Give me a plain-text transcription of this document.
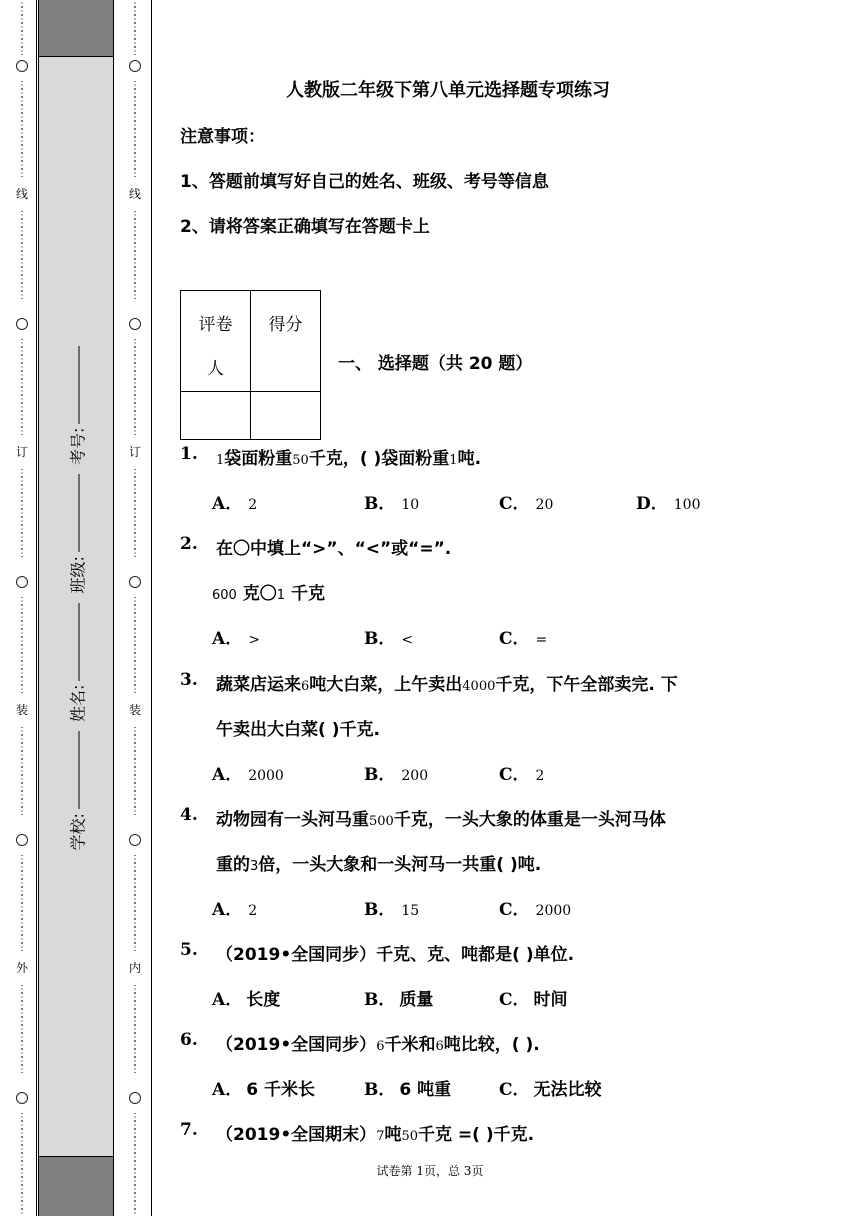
⋮
⋮
⋮
⋮
⋮
⋮
⋮
⋮
⋮
⋮
⋮
⋮
⋮
⋮
⋮
⋮
⋮
⋮
⋮
线
⋮
⋮
⋮
⋮
⋮
⋮
⋮
⋮
⋮
⋮
⋮
⋮
⋮
⋮
⋮
⋮
⋮
⋮
⋮
⋮
⋮
⋮
⋮
订
⋮
⋮
⋮
⋮
⋮
⋮
⋮
⋮
⋮
⋮
⋮
⋮
⋮
⋮
⋮
⋮
⋮
⋮
⋮
⋮
⋮
⋮
⋮
装
⋮
⋮
⋮
⋮
⋮
⋮
⋮
⋮
⋮
⋮
⋮
⋮
⋮
⋮
⋮
⋮
⋮
⋮
⋮
⋮
⋮
⋮
⋮
外
⋮
⋮
⋮
⋮
⋮
⋮
⋮
⋮
⋮
⋮
⋮
⋮
⋮
⋮
⋮
⋮
⋮
⋮
⋮
⋮
⋮
⋮
⋮
⋮
学校: 姓名: 班级: 考号:
⋮
⋮
⋮
⋮
⋮
⋮
⋮
⋮
⋮
⋮
⋮
⋮
⋮
⋮
⋮
⋮
⋮
⋮
⋮
线
⋮
⋮
⋮
⋮
⋮
⋮
⋮
⋮
⋮
⋮
⋮
⋮
⋮
⋮
⋮
⋮
⋮
⋮
⋮
⋮
⋮
⋮
⋮
订
⋮
⋮
⋮
⋮
⋮
⋮
⋮
⋮
⋮
⋮
⋮
⋮
⋮
⋮
⋮
⋮
⋮
⋮
⋮
⋮
⋮
⋮
⋮
装
⋮
⋮
⋮
⋮
⋮
⋮
⋮
⋮
⋮
⋮
⋮
⋮
⋮
⋮
⋮
⋮
⋮
⋮
⋮
⋮
⋮
⋮
⋮
内
⋮
⋮
⋮
⋮
⋮
⋮
⋮
⋮
⋮
⋮
⋮
⋮
⋮
⋮
⋮
⋮
⋮
⋮
⋮
⋮
⋮
⋮
⋮
⋮
人教版二年级下第八单元选择题专项练习
注意事项：
1、答题前填写好自己的姓名、班级、考号等信息
2、请将答案正确填写在答题卡上
评卷
人	得分

一、 选择题（共 20 题）
1. 1袋面粉重50千克，( )袋面粉重1吨.
A． 2	B． 10	C． 20	D． 100
2. 在〇中填上“>”、“<”或“=”.
600 克〇1 千克
A． >	B． <	C． =
3. 蔬菜店运来6吨大白菜，上午卖出4000千克，下午全部卖完. 下
午卖出大白菜( )千克.
A． 2000	B． 200	C． 2
4. 动物园有一头河马重500千克，一头大象的体重是一头河马体
重的3倍，一头大象和一头河马一共重( )吨.
A． 2	B． 15	C． 2000
5. （2019•全国同步）千克、克、吨都是( )单位.
A． 长度	B． 质量	C． 时间
6. （2019•全国同步）6千米和6吨比较，( ).
A． 6 千米长	B． 6 吨重	C． 无法比较
7. （2019•全国期末）7吨50千克 =( )千克.
试卷第 1页，总 3页
